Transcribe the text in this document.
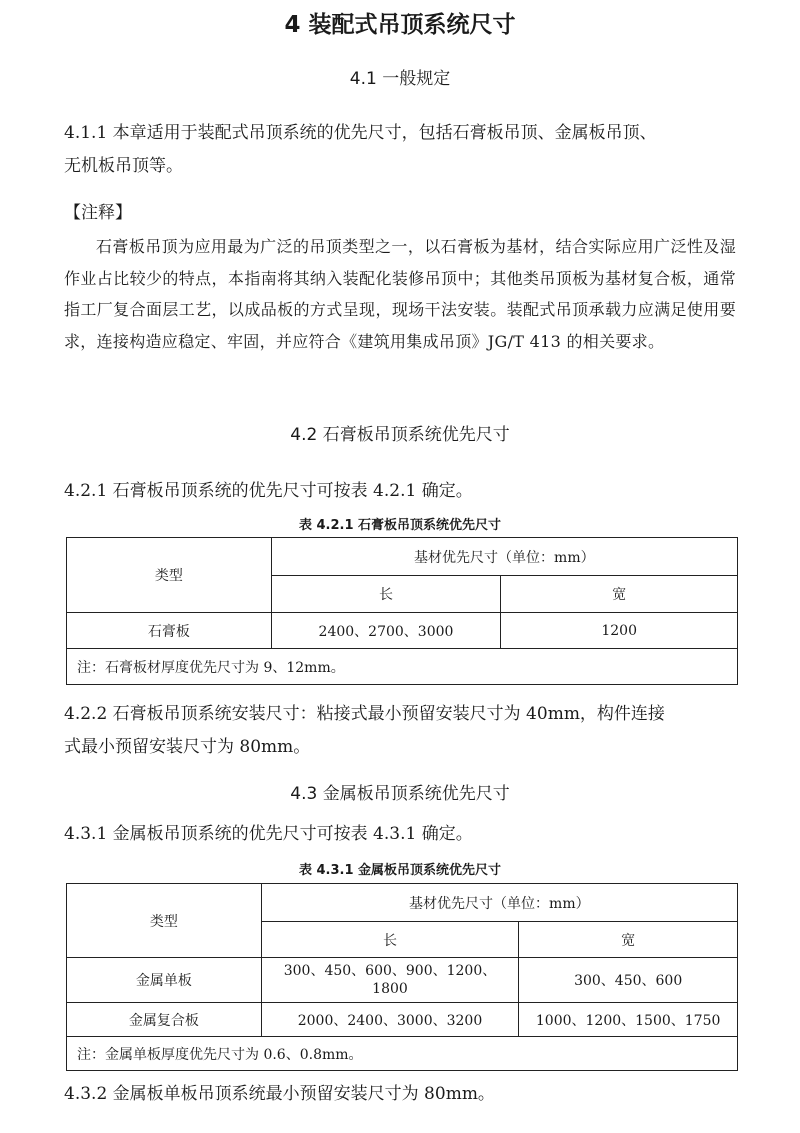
4 装配式吊顶系统尺寸
4.1 一般规定
4.1.1 本章适用于装配式吊顶系统的优先尺寸，包括石膏板吊顶、金属板吊顶、
无机板吊顶等。
【注释】
石膏板吊顶为应用最为广泛的吊顶类型之一，以石膏板为基材，结合实际应用广泛性及湿作业占比较少的特点，本指南将其纳入装配化装修吊顶中；其他类吊顶板为基材复合板，通常指工厂复合面层工艺，以成品板的方式呈现，现场干法安装。装配式吊顶承载力应满足使用要求，连接构造应稳定、牢固，并应符合《建筑用集成吊顶》JG/T 413 的相关要求。
4.2 石膏板吊顶系统优先尺寸
4.2.1 石膏板吊顶系统的优先尺寸可按表 4.2.1 确定。
表 4.2.1 石膏板吊顶系统优先尺寸
类型	基材优先尺寸（单位：mm）	
	长	宽
石膏板	2400、2700、3000	1200
注：石膏板材厚度优先尺寸为 9、12mm。		
4.2.2 石膏板吊顶系统安装尺寸：粘接式最小预留安装尺寸为 40mm，构件连接
式最小预留安装尺寸为 80mm。
4.3 金属板吊顶系统优先尺寸
4.3.1 金属板吊顶系统的优先尺寸可按表 4.3.1 确定。
表 4.3.1 金属板吊顶系统优先尺寸
类型	基材优先尺寸（单位：mm）	
	长	宽
金属单板	300、450、600、900、1200、
1800	300、450、600
金属复合板	2000、2400、3000、3200	1000、1200、1500、1750
注：金属单板厚度优先尺寸为 0.6、0.8mm。		
4.3.2 金属板单板吊顶系统最小预留安装尺寸为 80mm。
